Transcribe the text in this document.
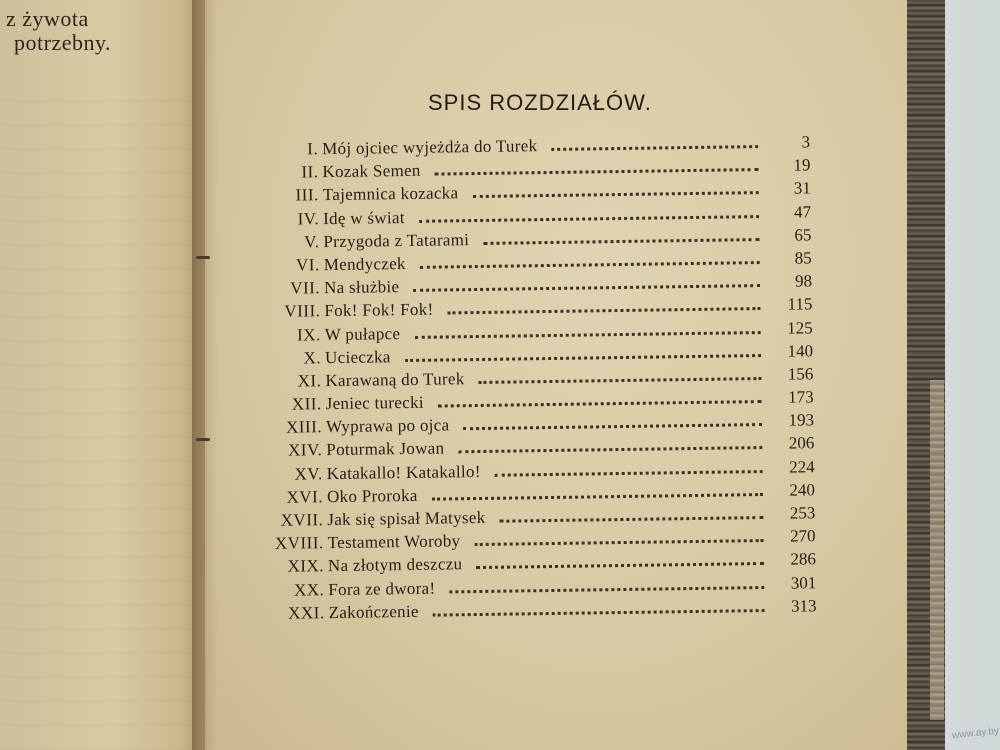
z żywota
potrzebny.
SPIS ROZDZIAŁÓW.
I. Mój ojciec wyjeżdża do Turek	3
II. Kozak Semen	19
III. Tajemnica kozacka	31
IV. Idę w świat	47
V. Przygoda z Tatarami	65
VI. Mendyczek	85
VII. Na służbie	98
VIII. Fok! Fok! Fok!	115
IX. W pułapce	125
X. Ucieczka	140
XI. Karawaną do Turek	156
XII. Jeniec turecki	173
XIII. Wyprawa po ojca	193
XIV. Poturmak Jowan	206
XV. Katakallo! Katakallo!	224
XVI. Oko Proroka	240
XVII. Jak się spisał Matysek	253
XVIII. Testament Woroby	270
XIX. Na złotym deszczu	286
XX. Fora ze dwora!	301
XXI. Zakończenie	313
www.ay.by
